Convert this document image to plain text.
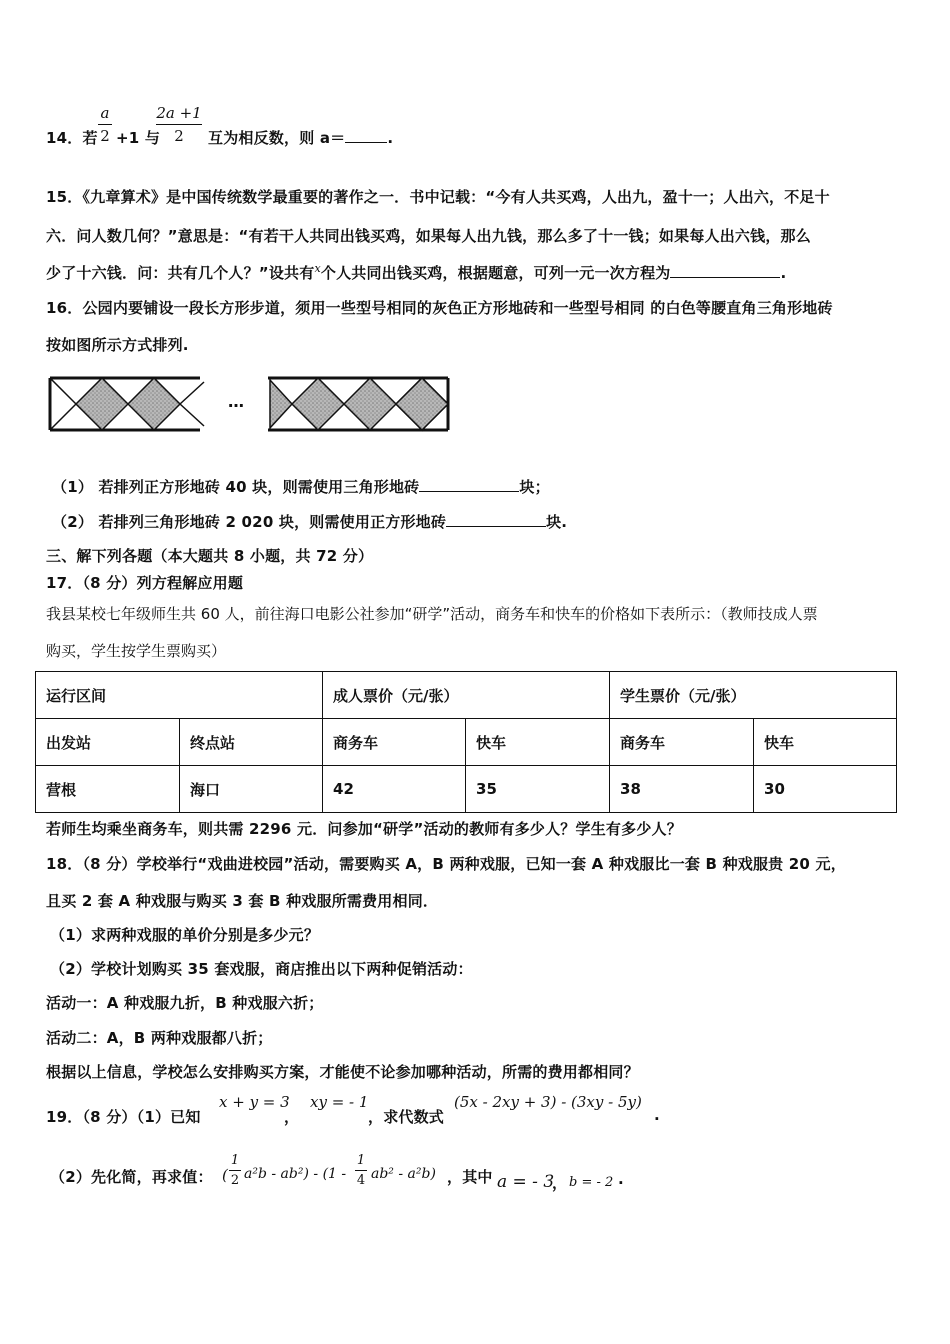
14．若
a
2 +1 与
2a +1
2	互为相反数，则 a＝	.
15．《九章算术》是中国传统数学最重要的著作之一．书中记载：“今有人共买鸡，人出九，盈十一；人出六，不足十
六．问人数几何？”意思是：“有若干人共同出钱买鸡，如果每人出九钱，那么多了十一钱；如果每人出六钱，那么
少了十六钱．问：共有几个人？”设共有$^x$个人共同出钱买鸡，根据题意，可列一元一次方程为	.
16．公园内要铺设一段长方形步道，须用一些型号相同的灰色正方形地砖和一些型号相同 的白色等腰直角三角形地砖
按如图所示方式排列.
…
（1） 若排列正方形地砖 40 块，则需使用三角形地砖	块；
（2） 若排列三角形地砖 2 020 块，则需使用正方形地砖	块.
三、解下列各题（本大题共 8 小题，共 72 分）
17．（8 分）列方程解应用题
我县某校七年级师生共 60 人，前往海口电影公社参加“研学”活动，商务车和快车的价格如下表所示：（教师技成人票
购买，学生按学生票购买）
运行区间		成人票价（元/张）		学生票价（元/张）	
出发站	终点站	商务车	快车	商务车	快车
营根	海口	42	35	38	30
若师生均乘坐商务车，则共需 2296 元．问参加“研学”活动的教师有多少人？学生有多少人？
18．（8 分）学校举行“戏曲进校园”活动，需要购买 A，B 两种戏服，已知一套 A 种戏服比一套 B 种戏服贵 20 元，
且买 2 套 A 种戏服与购买 3 套 B 种戏服所需费用相同．
（1）求两种戏服的单价分别是多少元？
（2）学校计划购买 35 套戏服，商店推出以下两种促销活动：
活动一：A 种戏服九折，B 种戏服六折；
活动二：A，B 两种戏服都八折；
根据以上信息，学校怎么安排购买方案，才能使不论参加哪种活动，所需的费用都相同？
19．（8 分）（1）已知
x + y = 3
，
xy = - 1
，求代数式
(5x - 2xy + 3) - (3xy - 5y)
.
（2）先化简，再求值： (
1
2 a²b - ab²) - (1 -
1
4 ab² - a²b) ，其中 a = - 3
， b = - 2 .
